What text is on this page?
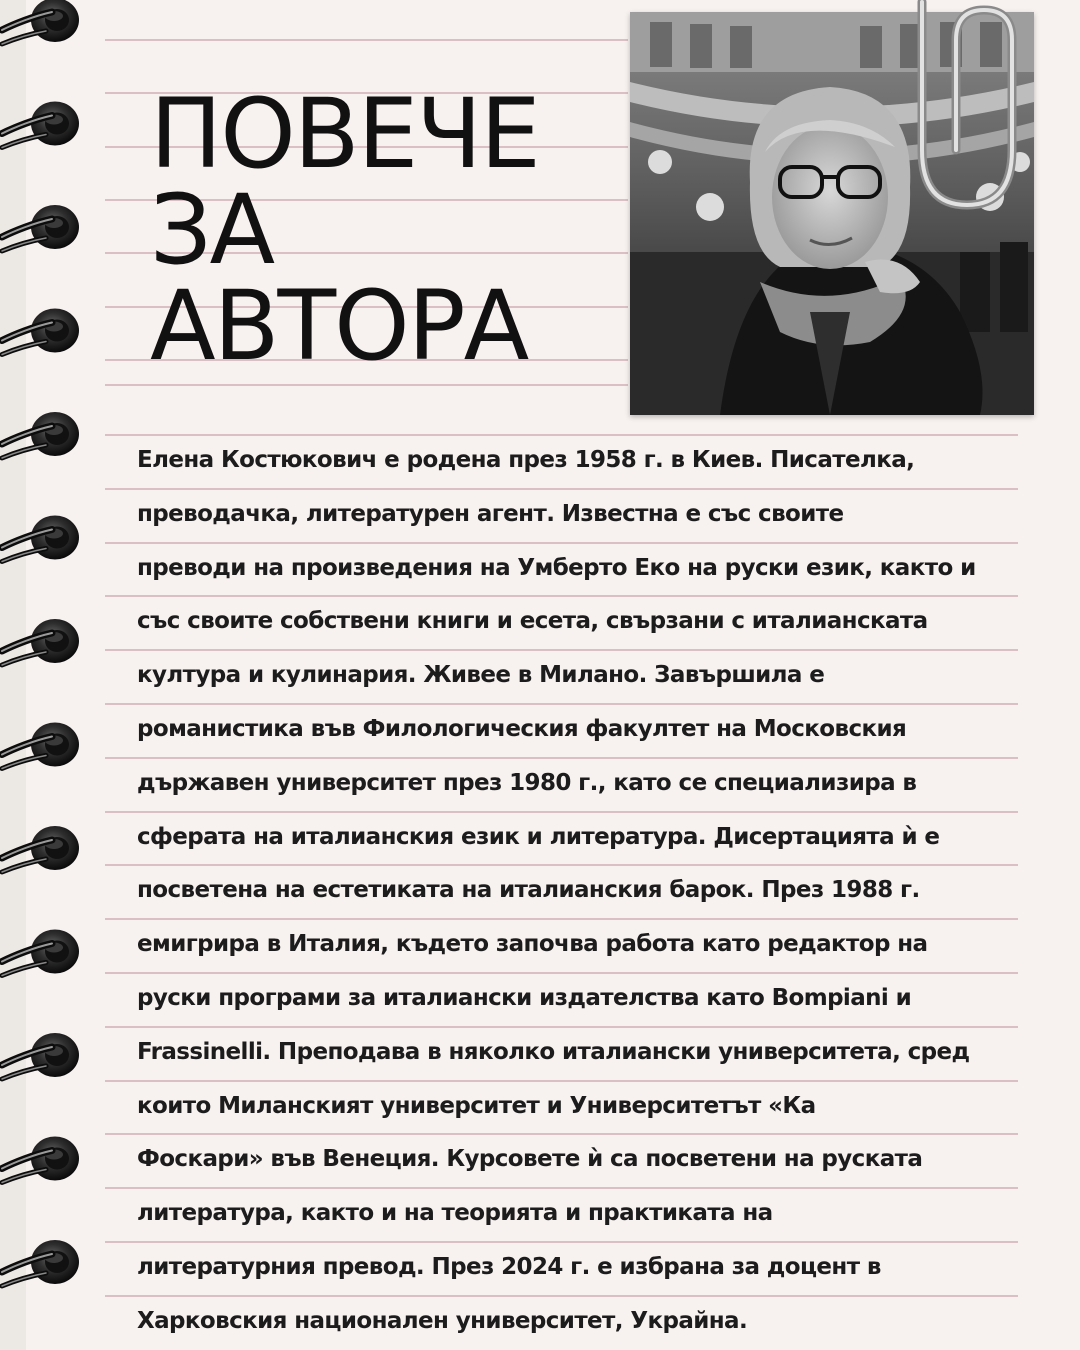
ПОВЕЧЕ
ЗА
АВТОРА
Елена Костюкович е родена през 1958 г. в Киев. Писателка,
преводачка, литературен агент. Известна е със своите
преводи на произведения на Умберто Еко на руски език, както и
със своите собствени книги и есета, свързани с италианската
култура и кулинария. Живее в Милано. Завършила е
романистика във Филологическия факултет на Московския
държавен университет през 1980 г., като се специализира в
сферата на италианския език и литература. Дисертацията ѝ е
посветена на естетиката на италианския барок. През 1988 г.
емигрира в Италия, където започва работа като редактор на
руски програми за италиански издателства като Bompiani и
Frassinelli. Преподава в няколко италиански университета, сред
които Миланският университет и Университетът «Ка
Фоскари» във Венеция. Курсовете ѝ са посветени на руската
литература, както и на теорията и практиката на
литературния превод. През 2024 г. е избрана за доцент в
Харковския национален университет, Украйна.
